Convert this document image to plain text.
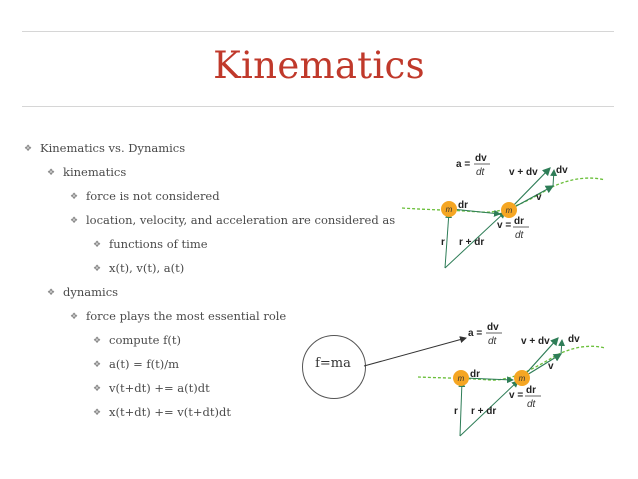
Kinematics
❖ Kinematics vs. Dynamics
❖ kinematics
❖ force is not considered
❖ location, velocity, and acceleration are considered as
❖ functions of time
❖ x(t), v(t), a(t)
❖ dynamics
❖ force plays the most essential role
❖ compute f(t)
❖ a(t) = f(t)/m
❖ v(t+dt) += a(t)dt
❖ x(t+dt) += v(t+dt)dt
f=ma
m	m
a =
dv
dt v + dv dv
v
dr
v = dr
dt
r r + dr
m	m
a =
dv
dt v + dv dv
v
dr
v = dr
dt
r r + dr
